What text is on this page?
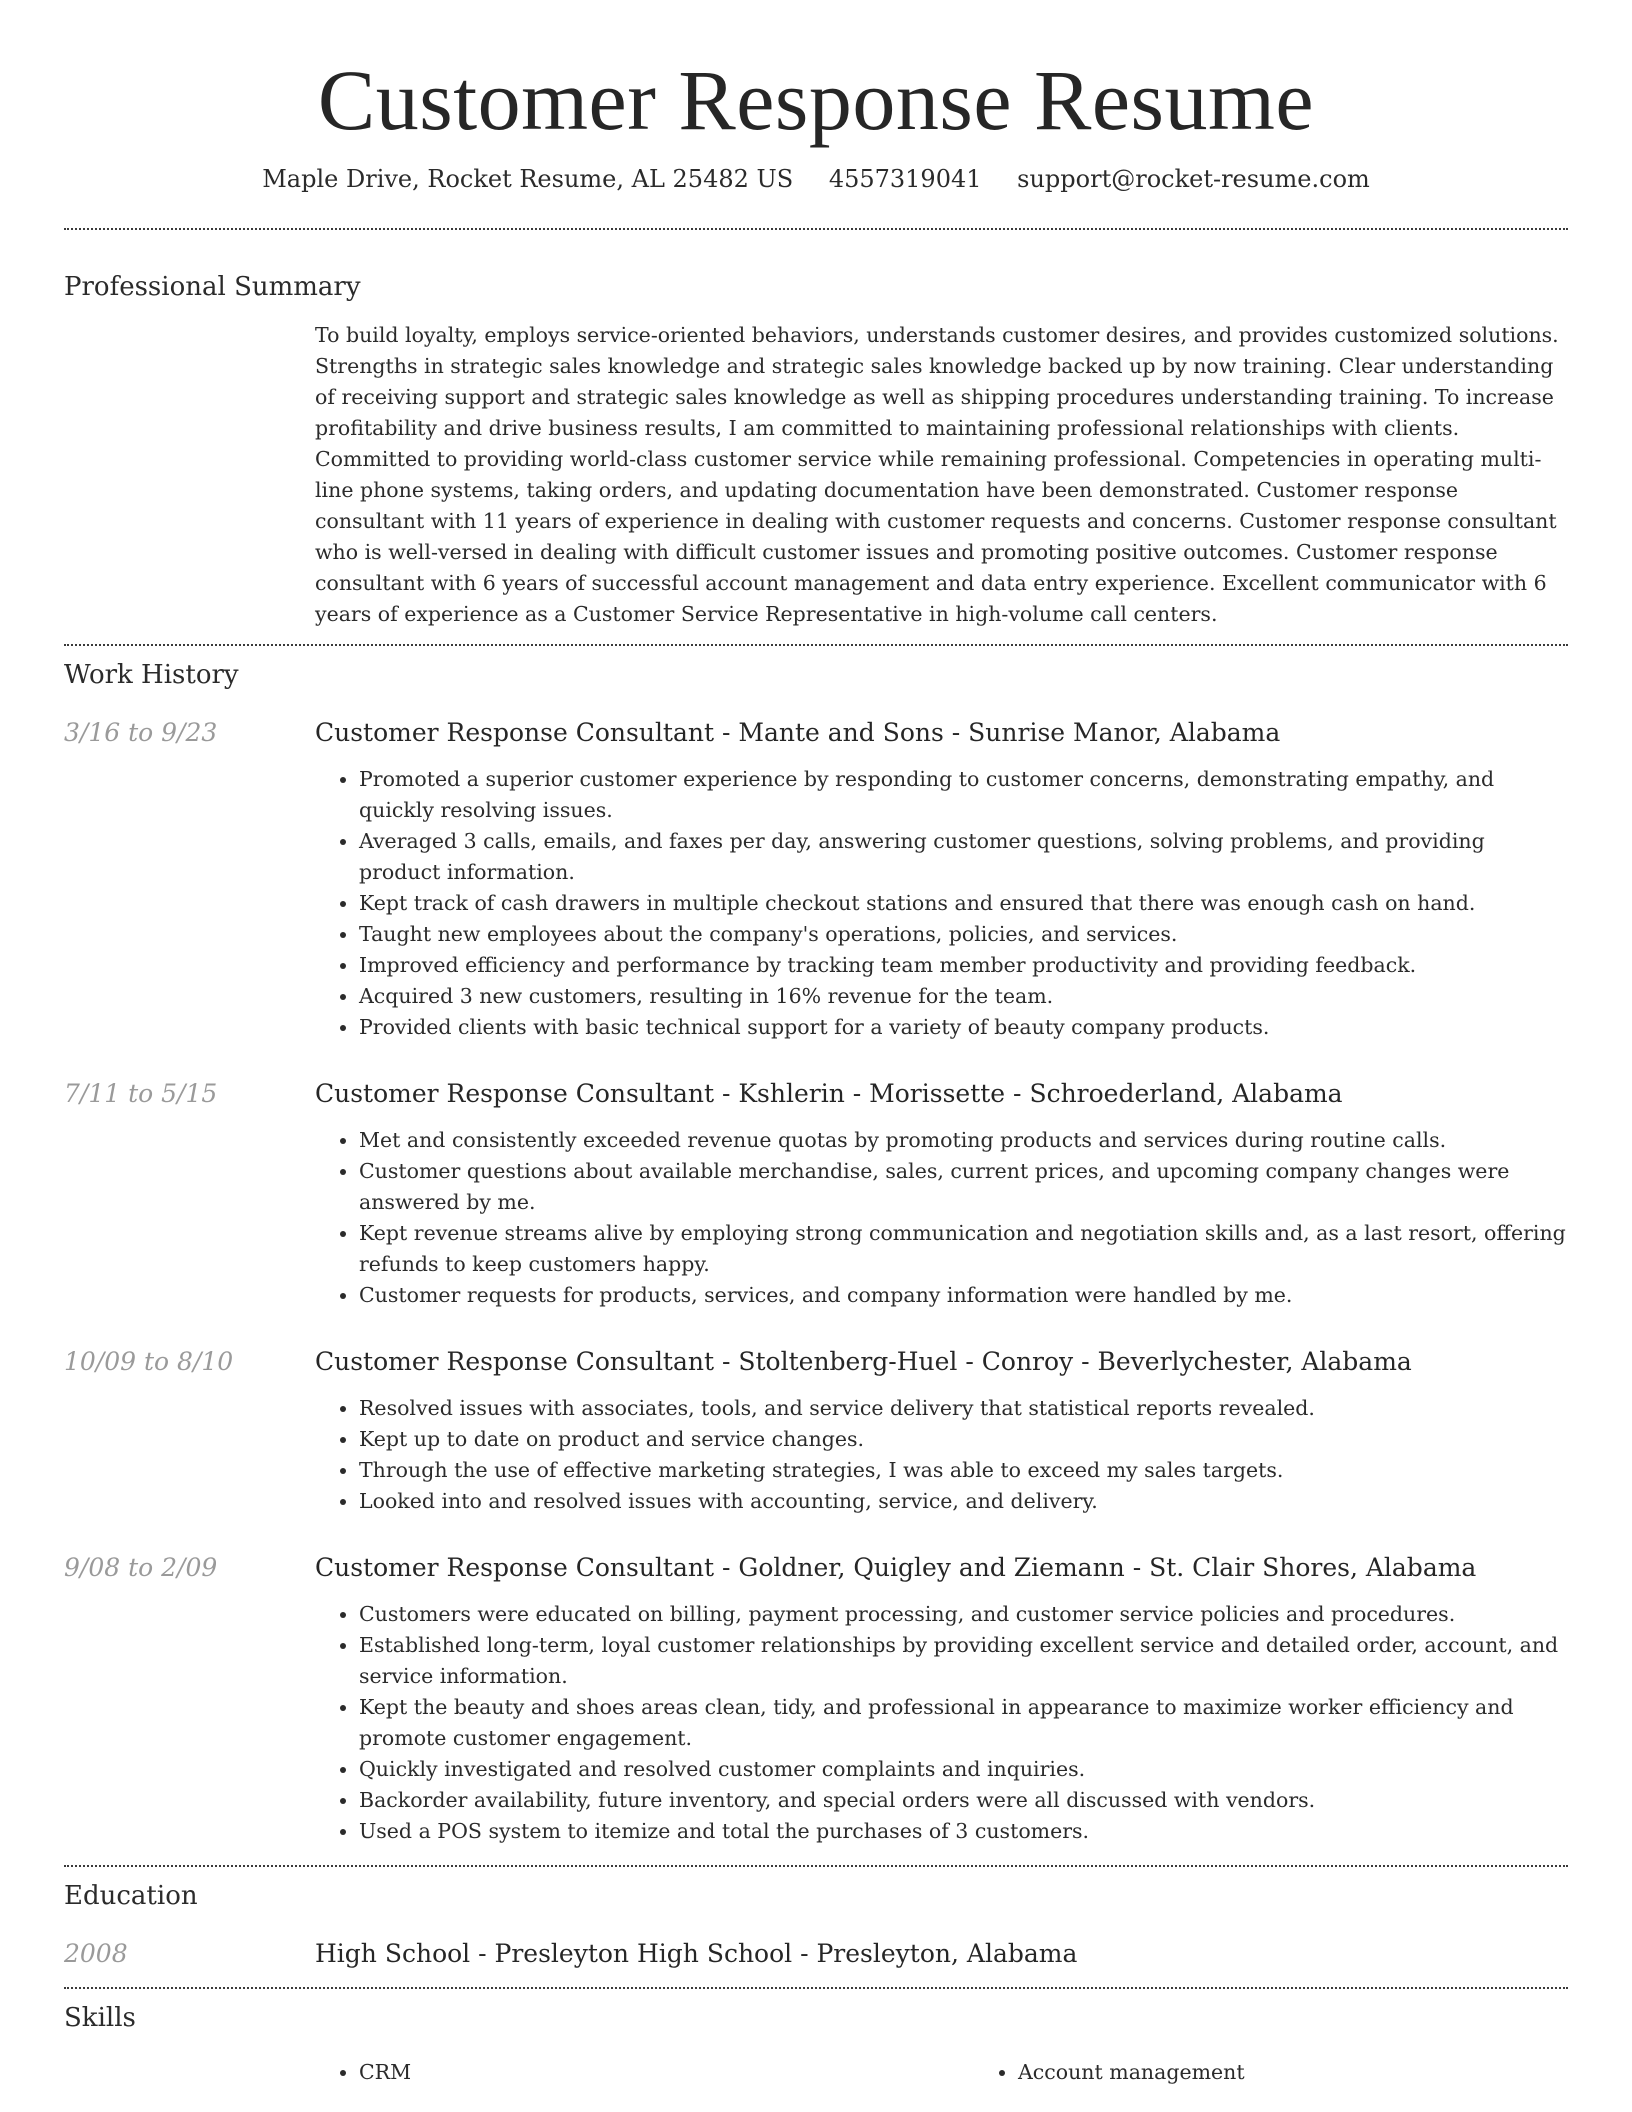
Customer Response Resume
Maple Drive, Rocket Resume, AL 25482 US 4557319041 support@rocket-resume.com
Professional Summary

To build loyalty, employs service-oriented behaviors, understands customer desires, and provides customized solutions. Strengths in strategic sales knowledge and strategic sales knowledge backed up by now training. Clear understanding of receiving support and strategic sales knowledge as well as shipping procedures understanding training. To increase profitability and drive business results, I am committed to maintaining professional relationships with clients. Committed to providing world-class customer service while remaining professional. Competencies in operating multi-line phone systems, taking orders, and updating documentation have been demonstrated. Customer response consultant with 11 years of experience in dealing with customer requests and concerns. Customer response consultant who is well-versed in dealing with difficult customer issues and promoting positive outcomes. Customer response consultant with 6 years of successful account management and data entry experience. Excellent communicator with 6 years of experience as a Customer Service Representative in high-volume call centers.

Work History
3/16 to 9/23	Customer Response Consultant - Mante and Sons - Sunrise Manor, Alabama
• Promoted a superior customer experience by responding to customer concerns, demonstrating empathy, and quickly resolving issues.
• Averaged 3 calls, emails, and faxes per day, answering customer questions, solving problems, and providing product information.
• Kept track of cash drawers in multiple checkout stations and ensured that there was enough cash on hand.
• Taught new employees about the company's operations, policies, and services.
• Improved efficiency and performance by tracking team member productivity and providing feedback.
• Acquired 3 new customers, resulting in 16% revenue for the team.
• Provided clients with basic technical support for a variety of beauty company products.
7/11 to 5/15	Customer Response Consultant - Kshlerin - Morissette - Schroederland, Alabama
• Met and consistently exceeded revenue quotas by promoting products and services during routine calls.
• Customer questions about available merchandise, sales, current prices, and upcoming company changes were answered by me.
• Kept revenue streams alive by employing strong communication and negotiation skills and, as a last resort, offering refunds to keep customers happy.
• Customer requests for products, services, and company information were handled by me.
10/09 to 8/10	Customer Response Consultant - Stoltenberg-Huel - Conroy - Beverlychester, Alabama
• Resolved issues with associates, tools, and service delivery that statistical reports revealed.
• Kept up to date on product and service changes.
• Through the use of effective marketing strategies, I was able to exceed my sales targets.
• Looked into and resolved issues with accounting, service, and delivery.
9/08 to 2/09	Customer Response Consultant - Goldner, Quigley and Ziemann - St. Clair Shores, Alabama
• Customers were educated on billing, payment processing, and customer service policies and procedures.
• Established long-term, loyal customer relationships by providing excellent service and detailed order, account, and service information.
• Kept the beauty and shoes areas clean, tidy, and professional in appearance to maximize worker efficiency and promote customer engagement.
• Quickly investigated and resolved customer complaints and inquiries.
• Backorder availability, future inventory, and special orders were all discussed with vendors.
• Used a POS system to itemize and total the purchases of 3 customers.
Education
2008	High School - Presleyton High School - Presleyton, Alabama
Skills
• CRM
•	Account management
